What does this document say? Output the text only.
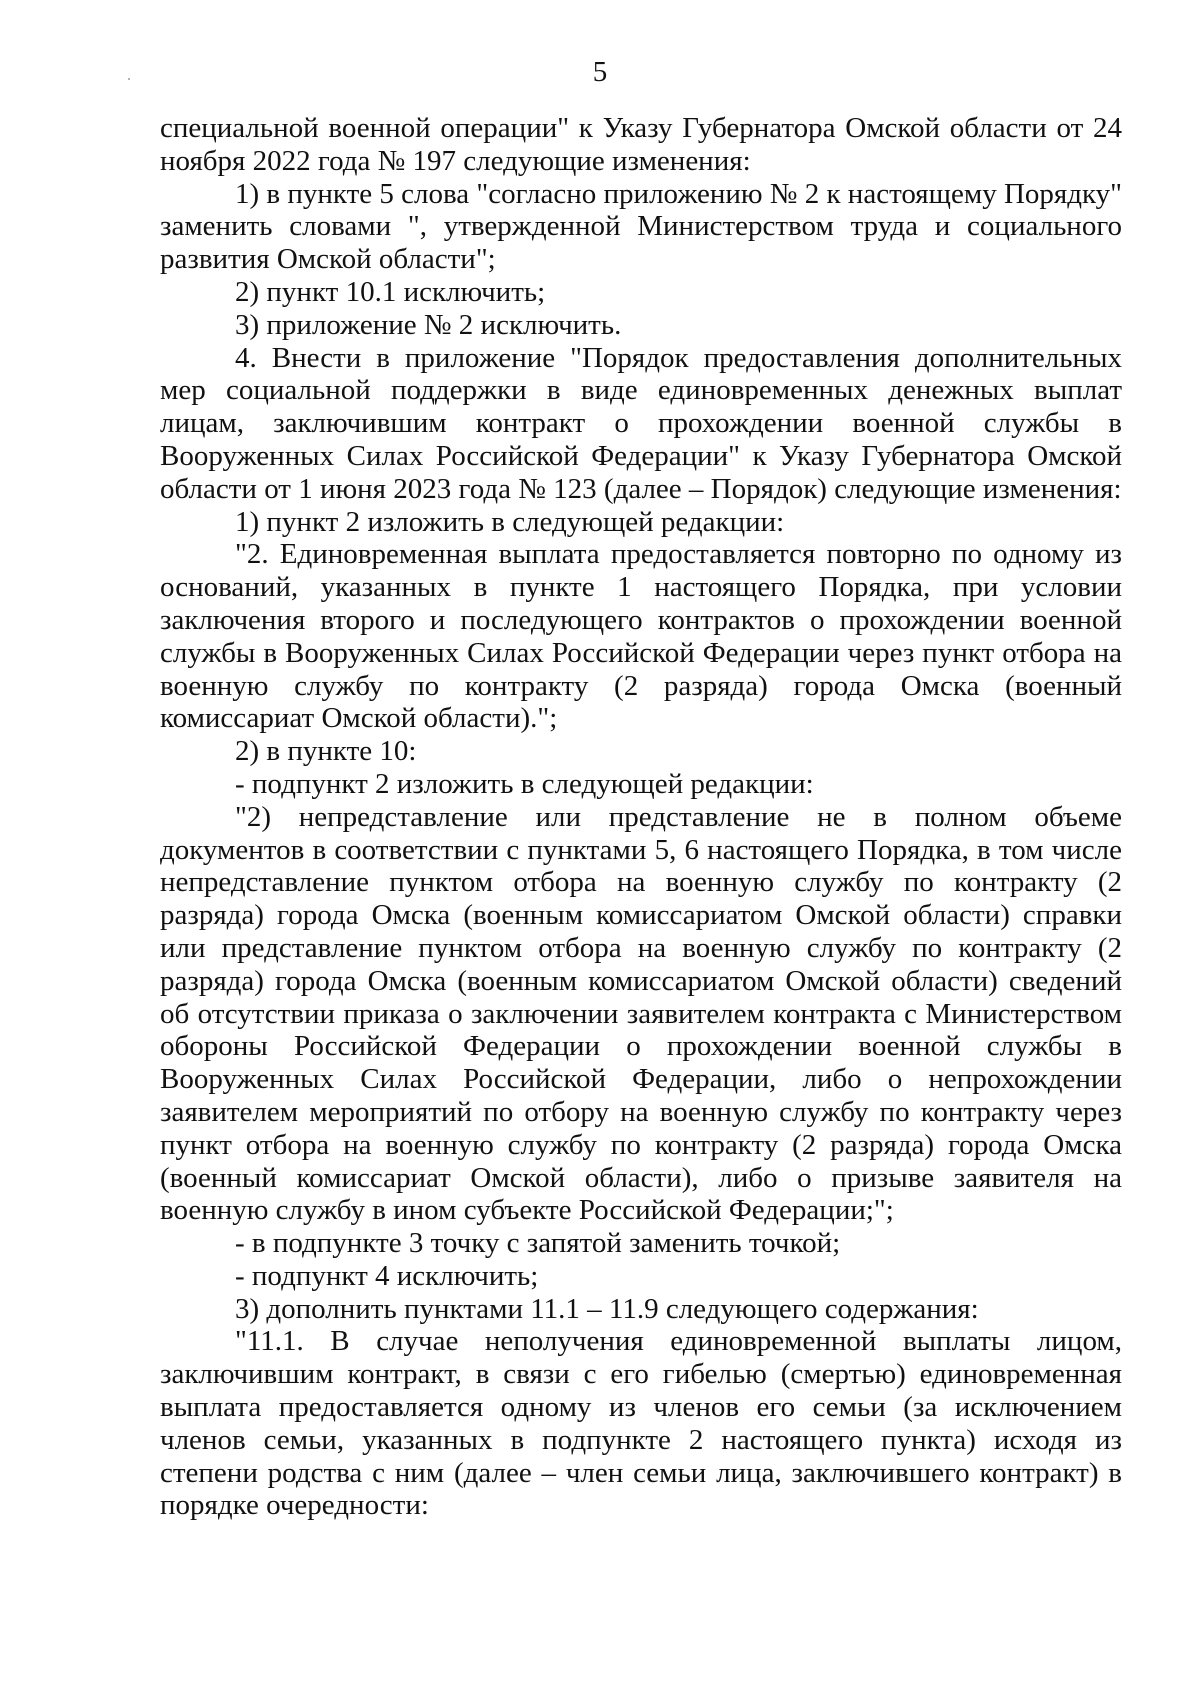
5

специальной военной операции" к Указу Губернатора Омской области от 24 ноября 2022 года № 197 следующие изменения:

1) в пункте 5 слова "согласно приложению № 2 к настоящему Порядку" заменить словами ", утвержденной Министерством труда и социального развития Омской области";

2) пункт 10.1 исключить;

3) приложение № 2 исключить.

4. Внести в приложение "Порядок предоставления дополнительных мер социальной поддержки в виде единовременных денежных выплат лицам, заключившим контракт о прохождении военной службы в Вооруженных Силах Российской Федерации" к Указу Губернатора Омской области от 1 июня 2023 года № 123 (далее – Порядок) следующие изменения:

1) пункт 2 изложить в следующей редакции:

"2. Единовременная выплата предоставляется повторно по одному из оснований, указанных в пункте 1 настоящего Порядка, при условии заключения второго и последующего контрактов о прохождении военной службы в Вооруженных Силах Российской Федерации через пункт отбора на военную службу по контракту (2 разряда) города Омска (военный комиссариат Омской области).";

2) в пункте 10:

- подпункт 2 изложить в следующей редакции:

"2) непредставление или представление не в полном объеме документов в соответствии с пунктами 5, 6 настоящего Порядка, в том числе непредставление пунктом отбора на военную службу по контракту (2 разряда) города Омска (военным комиссариатом Омской области) справки или представление пунктом отбора на военную службу по контракту (2 разряда) города Омска (военным комиссариатом Омской области) сведений об отсутствии приказа о заключении заявителем контракта с Министерством обороны Российской Федерации о прохождении военной службы в Вооруженных Силах Российской Федерации, либо о непрохождении заявителем мероприятий по отбору на военную службу по контракту через пункт отбора на военную службу по контракту (2 разряда) города Омска (военный комиссариат Омской области), либо о призыве заявителя на военную службу в ином субъекте Российской Федерации;";

- в подпункте 3 точку с запятой заменить точкой;

- подпункт 4 исключить;

3) дополнить пунктами 11.1 – 11.9 следующего содержания:

"11.1. В случае неполучения единовременной выплаты лицом, заключившим контракт, в связи с его гибелью (смертью) единовременная выплата предоставляется одному из членов его семьи (за исключением членов семьи, указанных в подпункте 2 настоящего пункта) исходя из степени родства с ним (далее – член семьи лица, заключившего контракт) в порядке очередности:
